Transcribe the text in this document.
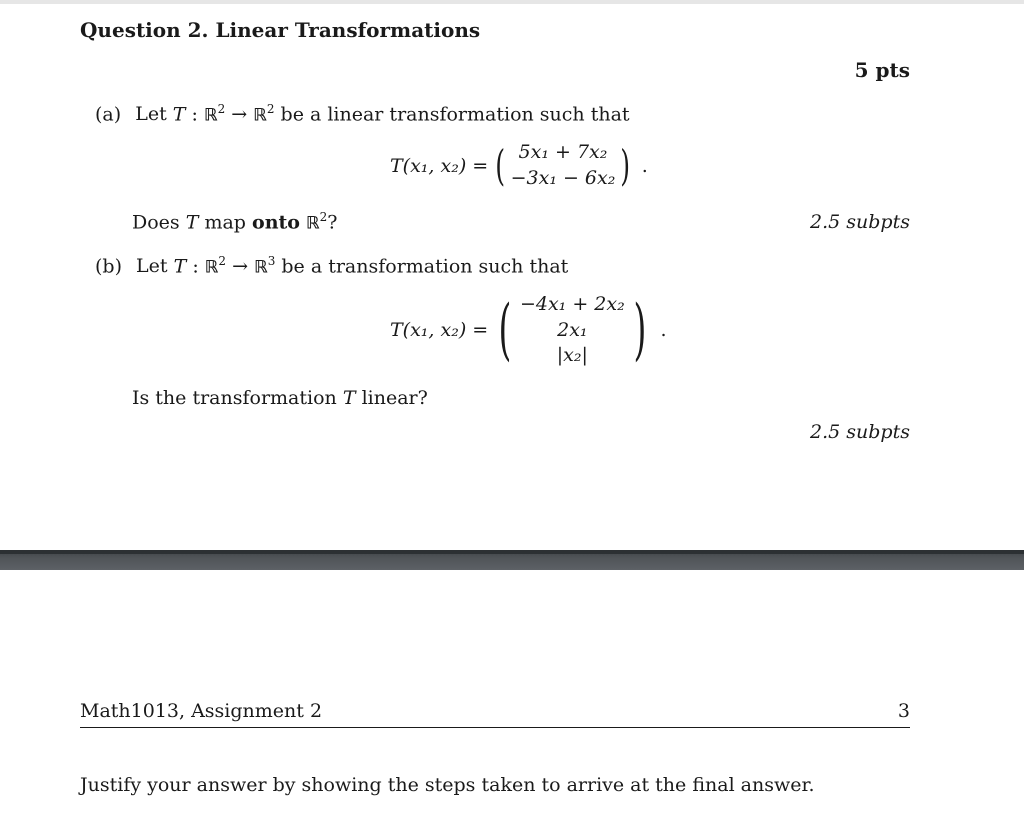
Question 2. Linear Transformations
5 pts
(a) Let T : ℝ$^2$ → ℝ$^2$ be a linear transformation such that
T(x₁, x₂) = ( 5x₁ + 7x₂
−3x₁ − 6x₂ ) .
Does T map onto ℝ$^2$?	2.5 subpts
(b) Let T : ℝ$^2$ → ℝ$^3$ be a transformation such that
T(x₁, x₂) = ( −4x₁ + 2x₂
2x₁
|x₂| ) .
Is the transformation T linear?
2.5 subpts
Math1013, Assignment 2	3
Justify your answer by showing the steps taken to arrive at the final answer.
